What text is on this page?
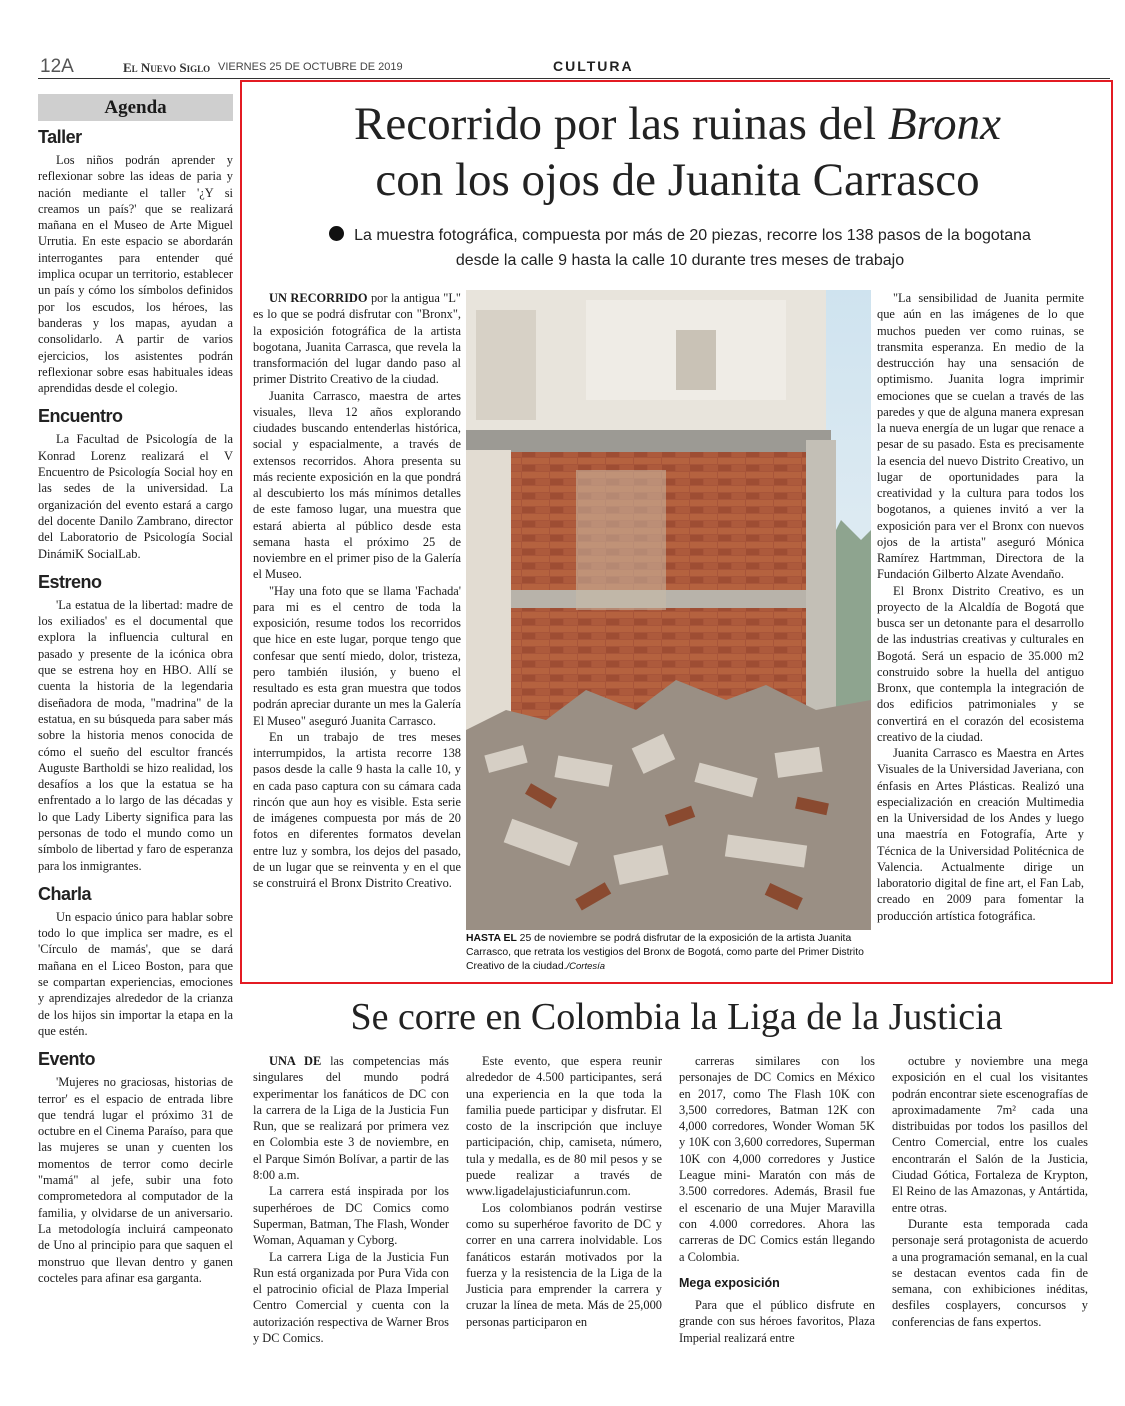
12A	El Nuevo Siglo VIERNES 25 DE OCTUBRE DE 2019	CULTURA
Agenda
Taller

Los niños podrán aprender y reflexionar sobre las ideas de paria y nación mediante el taller '¿Y si creamos un país?' que se realizará mañana en el Museo de Arte Miguel Urrutia. En este espacio se abordarán interrogantes para entender qué implica ocupar un territorio, establecer un país y cómo los símbolos definidos por los escudos, los héroes, las banderas y los mapas, ayudan a consolidarlo. A partir de varios ejercicios, los asistentes podrán reflexionar sobre esas habituales ideas aprendidas desde el colegio.

Encuentro

La Facultad de Psicología de la Konrad Lorenz realizará el V Encuentro de Psicología Social hoy en las sedes de la universidad. La organización del evento estará a cargo del docente Danilo Zambrano, director del Laboratorio de Psicología Social DinámiK SocialLab.

Estreno

'La estatua de la libertad: madre de los exiliados' es el documental que explora la influencia cultural en pasado y presente de la icónica obra que se estrena hoy en HBO. Allí se cuenta la historia de la legendaria diseñadora de moda, "madrina" de la estatua, en su búsqueda para saber más sobre la historia menos conocida de cómo el sueño del escultor francés Auguste Bartholdi se hizo realidad, los desafíos a los que la estatua se ha enfrentado a lo largo de las décadas y lo que Lady Liberty significa para las personas de todo el mundo como un símbolo de libertad y faro de esperanza para los inmigrantes.

Charla

Un espacio único para hablar sobre todo lo que implica ser madre, es el 'Círculo de mamás', que se dará mañana en el Liceo Boston, para que se compartan experiencias, emociones y aprendizajes alrededor de la crianza de los hijos sin importar la etapa en la que estén.

Evento

'Mujeres no graciosas, historias de terror' es el espacio de entrada libre que tendrá lugar el próximo 31 de octubre en el Cinema Paraíso, para que las mujeres se unan y cuenten los momentos de terror como decirle "mamá" al jefe, subir una foto comprometedora al computador de la familia, y olvidarse de un aniversario. La metodología incluirá campeonato de Uno al principio para que saquen el monstruo que llevan dentro y ganen cocteles para afinar esa garganta.

Recorrido por las ruinas del Bronx
con los ojos de Juanita Carrasco
La muestra fotográfica, compuesta por más de 20 piezas, recorre los 138 pasos de la bogotana
desde la calle 9 hasta la calle 10 durante tres meses de trabajo

UN RECORRIDO por la antigua "L" es lo que se podrá disfrutar con "Bronx", la exposición fotográfica de la artista bogotana, Juanita Carrasca, que revela la transformación del lugar dando paso al primer Distrito Creativo de la ciudad.

Juanita Carrasco, maestra de artes visuales, lleva 12 años explorando ciudades buscando entenderlas histórica, social y espacialmente, a través de extensos recorridos. Ahora presenta su más reciente exposición en la que pondrá al descubierto los más mínimos detalles de este famoso lugar, una muestra que estará abierta al público desde esta semana hasta el próximo 25 de noviembre en el primer piso de la Galería el Museo.

"Hay una foto que se llama 'Fachada' para mi es el centro de toda la exposición, resume todos los recorridos que hice en este lugar, porque tengo que confesar que sentí miedo, dolor, tristeza, pero también ilusión, y bueno el resultado es esta gran muestra que todos podrán apreciar durante un mes la Galería El Museo" aseguró Juanita Carrasco.

En un trabajo de tres meses interrumpidos, la artista recorre 138 pasos desde la calle 9 hasta la calle 10, y en cada paso captura con su cámara cada rincón que aun hoy es visible. Esta serie de imágenes compuesta por más de 20 fotos en diferentes formatos develan entre luz y sombra, los dejos del pasado, de un lugar que se reinventa y en el que se construirá el Bronx Distrito Creativo.

HASTA EL 25 de noviembre se podrá disfrutar de la exposición de la artista Juanita Carrasco, que retrata los vestigios del Bronx de Bogotá, como parte del Primer Distrito Creativo de la ciudad./Cortesía

"La sensibilidad de Juanita permite que aún en las imágenes de lo que muchos pueden ver como ruinas, se transmita esperanza. En medio de la destrucción hay una sensación de optimismo. Juanita logra imprimir emociones que se cuelan a través de las paredes y que de alguna manera expresan la nueva energía de un lugar que renace a pesar de su pasado. Esta es precisamente la esencia del nuevo Distrito Creativo, un lugar de oportunidades para la creatividad y la cultura para todos los bogotanos, a quienes invitó a ver la exposición para ver el Bronx con nuevos ojos de la artista" aseguró Mónica Ramírez Hartmman, Directora de la Fundación Gilberto Alzate Avendaño.

El Bronx Distrito Creativo, es un proyecto de la Alcaldía de Bogotá que busca ser un detonante para el desarrollo de las industrias creativas y culturales en Bogotá. Será un espacio de 35.000 m2 construido sobre la huella del antiguo Bronx, que contempla la integración de dos edificios patrimoniales y se convertirá en el corazón del ecosistema creativo de la ciudad.

Juanita Carrasco es Maestra en Artes Visuales de la Universidad Javeriana, con énfasis en Artes Plásticas. Realizó una especialización en creación Multimedia en la Universidad de los Andes y luego una maestría en Fotografía, Arte y Técnica de la Universidad Politécnica de Valencia. Actualmente dirige un laboratorio digital de fine art, el Fan Lab, creado en 2009 para fomentar la producción artística fotográfica.

Se corre en Colombia la Liga de la Justicia

UNA DE las competencias más singulares del mundo podrá experimentar los fanáticos de DC con la carrera de la Liga de la Justicia Fun Run, que se realizará por primera vez en Colombia este 3 de noviembre, en el Parque Simón Bolívar, a partir de las 8:00 a.m.

La carrera está inspirada por los superhéroes de DC Comics como Superman, Batman, The Flash, Wonder Woman, Aquaman y Cyborg.

La carrera Liga de la Justicia Fun Run está organizada por Pura Vida con el patrocinio oficial de Plaza Imperial Centro Comercial y cuenta con la autorización respectiva de Warner Bros y DC Comics.

Este evento, que espera reunir alrededor de 4.500 participantes, será una experiencia en la que toda la familia puede participar y disfrutar. El costo de la inscripción que incluye participación, chip, camiseta, número, tula y medalla, es de 80 mil pesos y se puede realizar a través de www.ligadelajusticiafunrun.com.

Los colombianos podrán vestirse como su superhéroe favorito de DC y correr en una carrera inolvidable. Los fanáticos estarán motivados por la fuerza y la resistencia de la Liga de la Justicia para emprender la carrera y cruzar la línea de meta. Más de 25,000 personas participaron en

carreras similares con los personajes de DC Comics en México en 2017, como The Flash 10K con 3,500 corredores, Batman 12K con 4,000 corredores, Wonder Woman 5K y 10K con 3,600 corredores, Superman 10K con 4,000 corredores y Justice League mini- Maratón con más de 3.500 corredores. Además, Brasil fue el escenario de una Mujer Maravilla con 4.000 corredores. Ahora las carreras de DC Comics están llegando a Colombia.

Mega exposición

Para que el público disfrute en grande con sus héroes favoritos, Plaza Imperial realizará entre

octubre y noviembre una mega exposición en el cual los visitantes podrán encontrar siete escenografías de aproximadamente 7m² cada una distribuidas por todos los pasillos del Centro Comercial, entre los cuales encontrarán el Salón de la Justicia, Ciudad Gótica, Fortaleza de Krypton, El Reino de las Amazonas, y Antártida, entre otras.

Durante esta temporada cada personaje será protagonista de acuerdo a una programación semanal, en la cual se destacan eventos cada fin de semana, con exhibiciones inéditas, desfiles cosplayers, concursos y conferencias de fans expertos.
